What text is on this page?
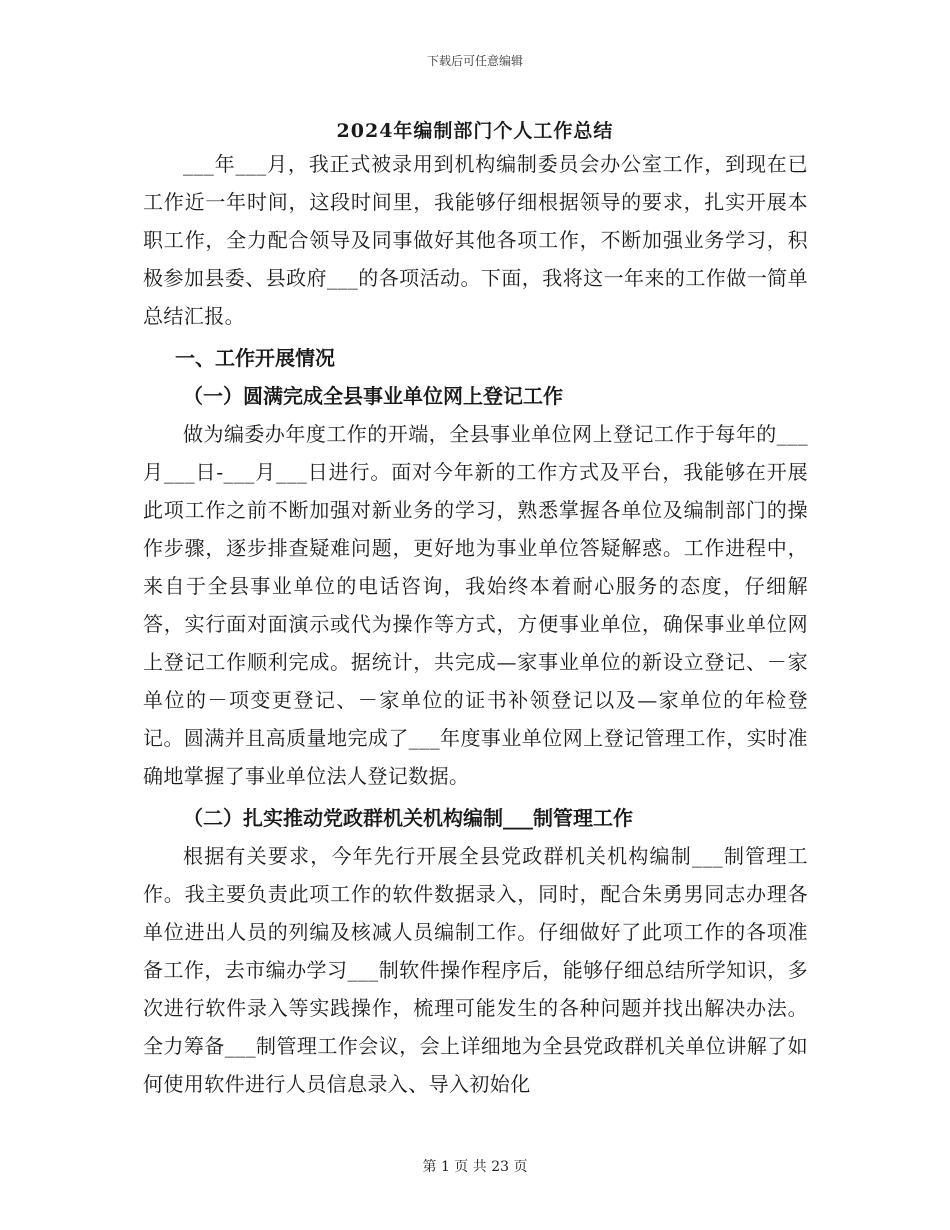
下载后可任意编辑
2024年编制部门个人工作总结

___年___月，我正式被录用到机构编制委员会办公室工作，到现在已工作近一年时间，这段时间里，我能够仔细根据领导的要求，扎实开展本职工作，全力配合领导及同事做好其他各项工作，不断加强业务学习，积极参加县委、县政府___的各项活动。下面，我将这一年来的工作做一简单总结汇报。

一、工作开展情况

（一）圆满完成全县事业单位网上登记工作

做为编委办年度工作的开端，全县事业单位网上登记工作于每年的___月___日-___月___日进行。面对今年新的工作方式及平台，我能够在开展此项工作之前不断加强对新业务的学习，熟悉掌握各单位及编制部门的操作步骤，逐步排查疑难问题，更好地为事业单位答疑解惑。工作进程中，来自于全县事业单位的电话咨询，我始终本着耐心服务的态度，仔细解答，实行面对面演示或代为操作等方式，方便事业单位，确保事业单位网上登记工作顺利完成。据统计，共完成—家事业单位的新设立登记、－家单位的－项变更登记、－家单位的证书补领登记以及—家单位的年检登记。圆满并且高质量地完成了___年度事业单位网上登记管理工作，实时准确地掌握了事业单位法人登记数据。

（二）扎实推动党政群机关机构编制___制管理工作

根据有关要求，今年先行开展全县党政群机关机构编制___制管理工作。我主要负责此项工作的软件数据录入，同时，配合朱勇男同志办理各单位进出人员的列编及核减人员编制工作。仔细做好了此项工作的各项准备工作，去市编办学习___制软件操作程序后，能够仔细总结所学知识，多次进行软件录入等实践操作，梳理可能发生的各种问题并找出解决办法。全力筹备___制管理工作会议，会上详细地为全县党政群机关单位讲解了如何使用软件进行人员信息录入、导入初始化

第 1 页 共 23 页
